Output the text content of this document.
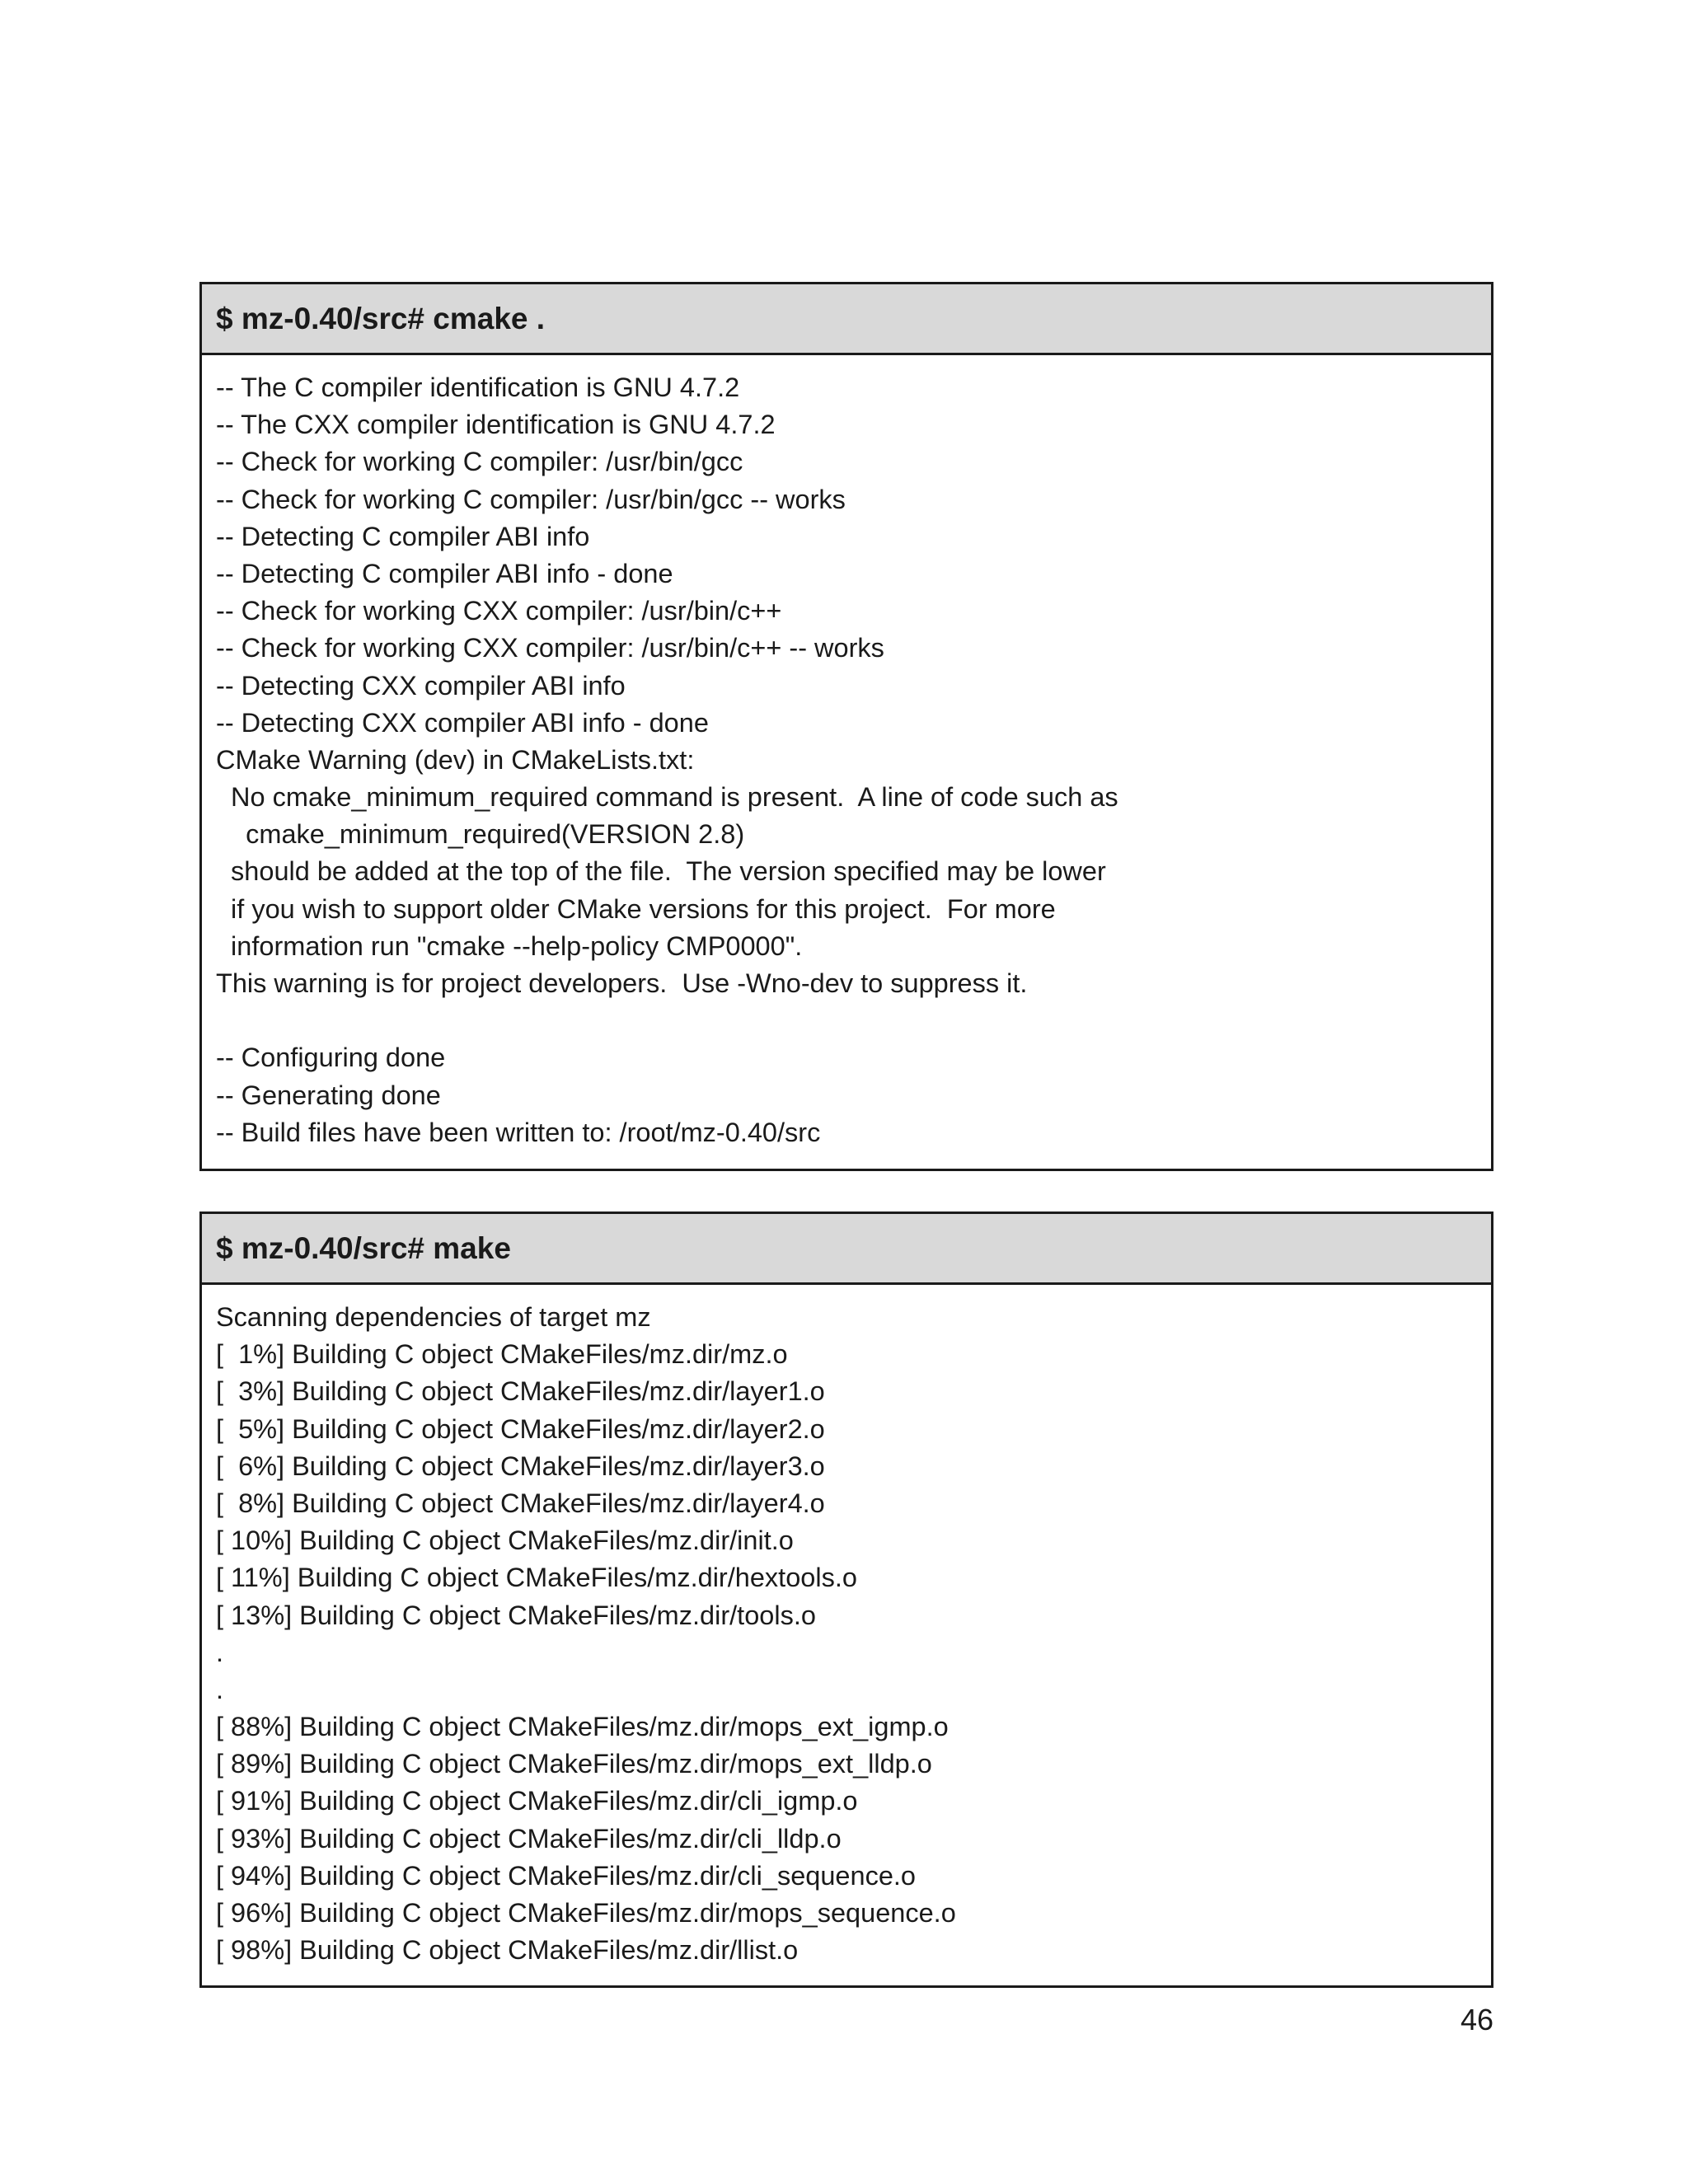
$ mz-0.40/src# cmake .
-- The C compiler identification is GNU 4.7.2
-- The CXX compiler identification is GNU 4.7.2
-- Check for working C compiler: /usr/bin/gcc
-- Check for working C compiler: /usr/bin/gcc -- works
-- Detecting C compiler ABI info
-- Detecting C compiler ABI info - done
-- Check for working CXX compiler: /usr/bin/c++
-- Check for working CXX compiler: /usr/bin/c++ -- works
-- Detecting CXX compiler ABI info
-- Detecting CXX compiler ABI info - done
CMake Warning (dev) in CMakeLists.txt:
No cmake_minimum_required command is present.  A line of code such as
cmake_minimum_required(VERSION 2.8)
should be added at the top of the file.  The version specified may be lower
if you wish to support older CMake versions for this project.  For more
information run "cmake --help-policy CMP0000".
This warning is for project developers.  Use -Wno-dev to suppress it.
-- Configuring done
-- Generating done
-- Build files have been written to: /root/mz-0.40/src
$ mz-0.40/src# make
Scanning dependencies of target mz
[  1%] Building C object CMakeFiles/mz.dir/mz.o
[  3%] Building C object CMakeFiles/mz.dir/layer1.o
[  5%] Building C object CMakeFiles/mz.dir/layer2.o
[  6%] Building C object CMakeFiles/mz.dir/layer3.o
[  8%] Building C object CMakeFiles/mz.dir/layer4.o
[ 10%] Building C object CMakeFiles/mz.dir/init.o
[ 11%] Building C object CMakeFiles/mz.dir/hextools.o
[ 13%] Building C object CMakeFiles/mz.dir/tools.o
.
.
[ 88%] Building C object CMakeFiles/mz.dir/mops_ext_igmp.o
[ 89%] Building C object CMakeFiles/mz.dir/mops_ext_lldp.o
[ 91%] Building C object CMakeFiles/mz.dir/cli_igmp.o
[ 93%] Building C object CMakeFiles/mz.dir/cli_lldp.o
[ 94%] Building C object CMakeFiles/mz.dir/cli_sequence.o
[ 96%] Building C object CMakeFiles/mz.dir/mops_sequence.o
[ 98%] Building C object CMakeFiles/mz.dir/llist.o
46
